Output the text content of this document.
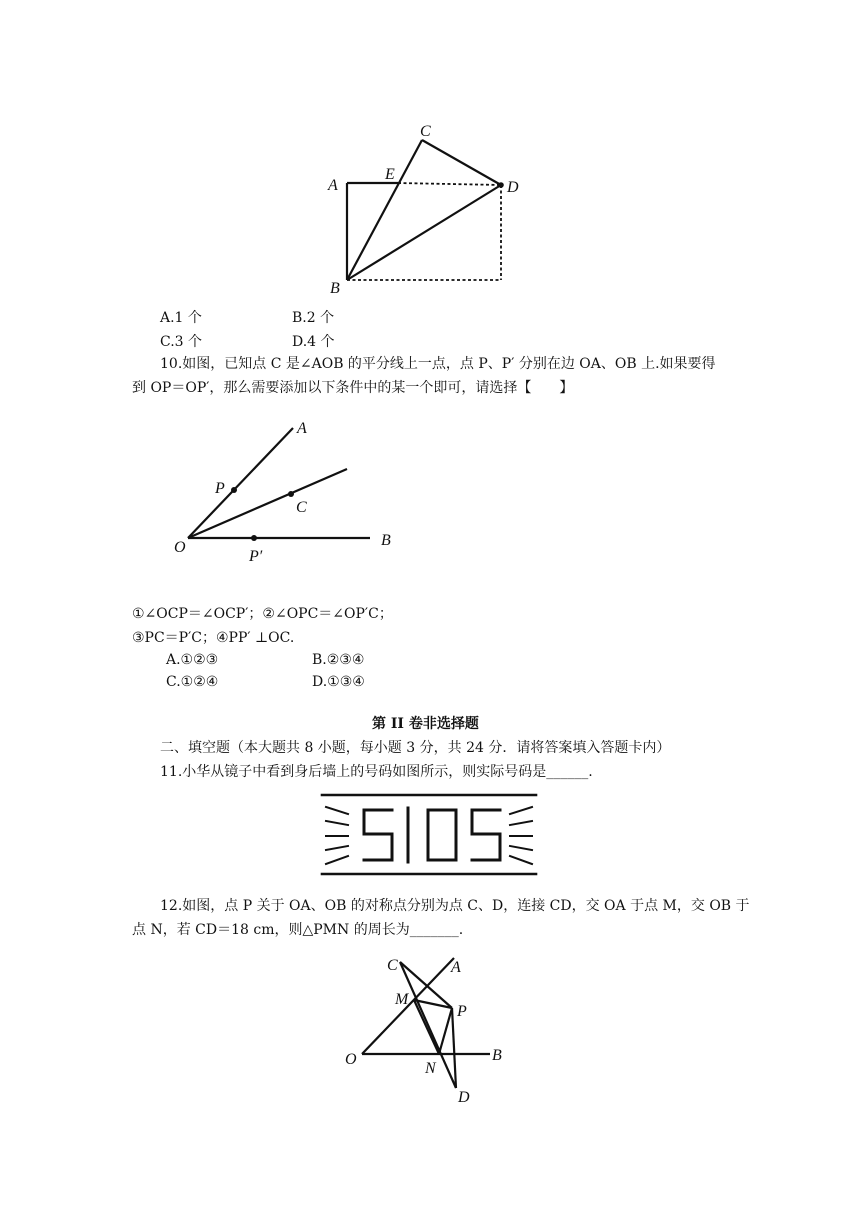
C
A
E
D
B
A.1 个	B.2 个
C.3 个	D.4 个
10.如图，已知点 C 是∠AOB 的平分线上一点，点 P、P′ 分别在边 OA、OB 上.如果要得
到 OP＝OP′，那么需要添加以下条件中的某一个即可，请选择【　　】
A
P
C
O
P′
B
①∠OCP＝∠OCP′；②∠OPC＝∠OP′C；
③PC＝P′C；④PP′ ⊥OC.
A.①②③	B.②③④
C.①②④	D.①③④
第 II 卷非选择题
二、填空题（本大题共 8 小题，每小题 3 分，共 24 分．请将答案填入答题卡内）
11.小华从镜子中看到身后墙上的号码如图所示，则实际号码是______.
12.如图，点 P 关于 OA、OB 的对称点分别为点 C、D，连接 CD，交 OA 于点 M，交 OB 于
点 N，若 CD＝18 cm，则△PMN 的周长为_______.
C	A
M
P
O
N
B
D
